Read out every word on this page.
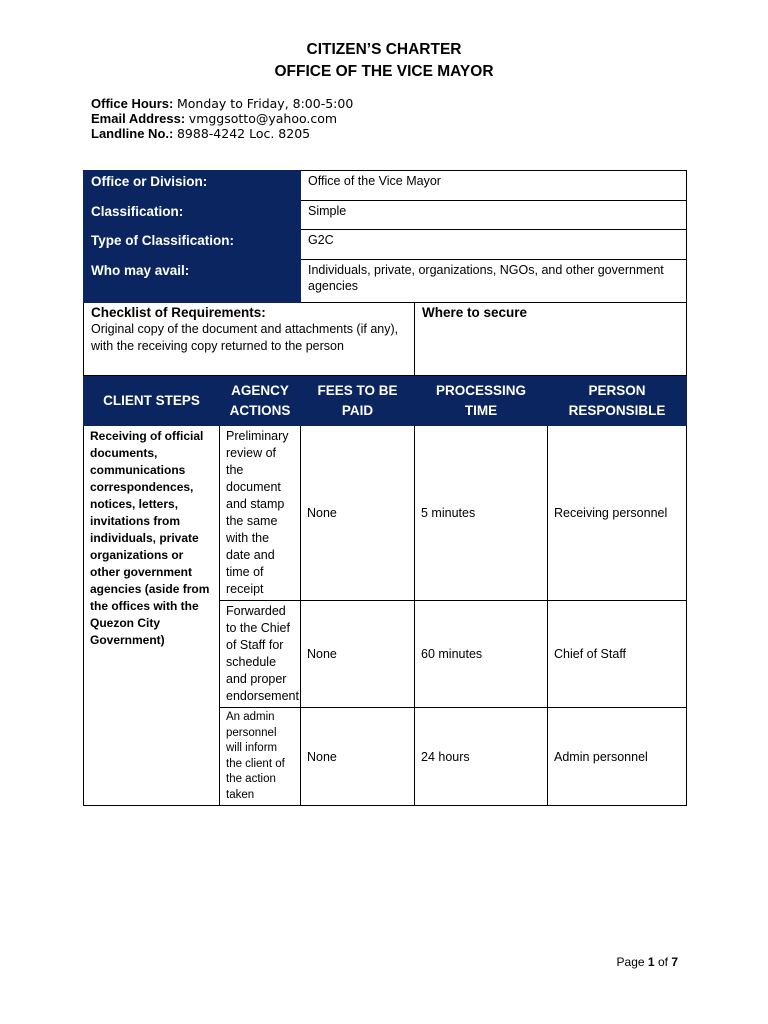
CITIZEN’S CHARTER
OFFICE OF THE VICE MAYOR
Office Hours: Monday to Friday, 8:00-5:00
Email Address: vmggsotto@yahoo.com
Landline No.: 8988-4242 Loc. 8205
Office or Division:		Office of the Vice Mayor		
Classification:		Simple		
Type of Classification:		G2C		
Who may avail:		Individuals, private, organizations, NGOs, and other government agencies		

Checklist of Requirements:
Original copy of the document and attachments (if any), with the receiving copy returned to the person			Where to secure	
CLIENT STEPS	AGENCY ACTIONS	FEES TO BE PAID	PROCESSING TIME	PERSON RESPONSIBLE
Receiving of official documents, communications correspondences, notices, letters, invitations from individuals, private organizations or other government agencies (aside from the offices with the Quezon City Government)	Preliminary review of the document and stamp the same with the date and time of receipt	None	5 minutes	Receiving personnel
	Forwarded to the Chief of Staff for schedule and proper endorsement	None	60 minutes	Chief of Staff
	An admin personnel will inform the client of the action taken	None	24 hours	Admin personnel
Page 1 of 7
